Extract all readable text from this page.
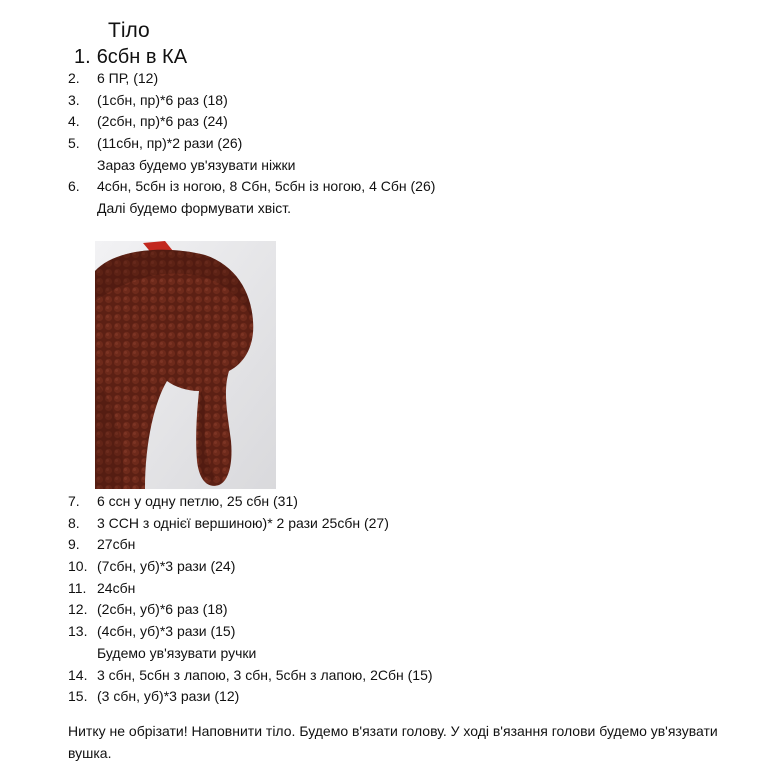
Тіло
1. 6сбн в КА
2. 6 ПР, (12)
3. (1сбн, пр)*6 раз (18)
4. (2сбн, пр)*6 раз (24)
5. (11сбн, пр)*2 рази (26)
Зараз будемо ув'язувати ніжки
6. 4сбн, 5сбн із ногою, 8 Сбн, 5сбн із ногою, 4 Сбн (26)
Далі будемо формувати хвіст.
7. 6 ссн у одну петлю, 25 сбн (31)
8. 3 ССН з однієї вершиною)* 2 рази 25сбн (27)
9. 27сбн
10. (7сбн, уб)*3 рази (24)
11. 24сбн
12. (2сбн, уб)*6 раз (18)
13. (4сбн, уб)*3 рази (15)
Будемо ув'язувати ручки
14. 3 сбн, 5сбн з лапою, 3 сбн, 5сбн з лапою, 2Сбн (15)
15. (3 сбн, уб)*3 рази (12)
Нитку не обрізати! Наповнити тіло. Будемо в'язати голову. У ході в'язання голови будемо ув'язувати вушка.
